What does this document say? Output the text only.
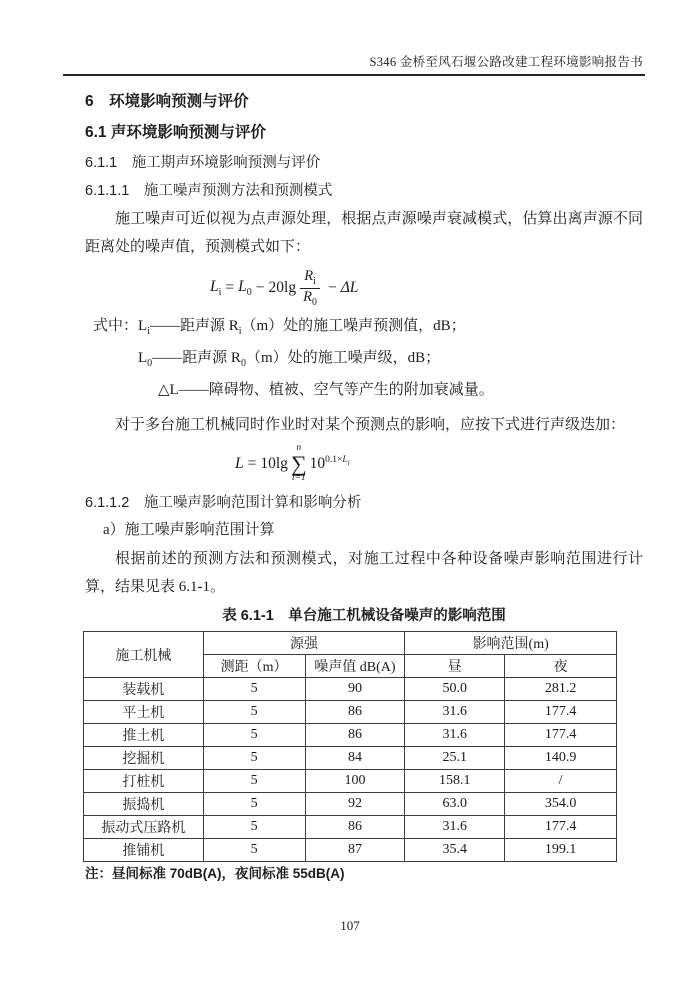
S346 金桥至风石堰公路改建工程环境影响报告书
6　环境影响预测与评价
6.1 声环境影响预测与评价
6.1.1　施工期声环境影响预测与评价
6.1.1.1　施工噪声预测方法和预测模式

施工噪声可近似视为点声源处理，根据点声源噪声衰减模式，估算出离声源不同距离处的噪声值，预测模式如下：

$L_i = L_0 - 20\lg \frac{R_i}{R_0} - \Delta L$
式中：$L_i——$距声源 $R_i(m)$处的施工噪声预测值，dB；
$L_0——$距声源 $R_0(m)$处的施工噪声级，dB；
△L——障碍物、植被、空气等产生的附加衰减量。

对于多台施工机械同时作业时对某个预测点的影响，应按下式进行声级迭加：

L = 10lg
n
∑
i=1
$10^{0.1\times L_i}$
6.1.1.2　施工噪声影响范围计算和影响分析
a）施工噪声影响范围计算

根据前述的预测方法和预测模式，对施工过程中各种设备噪声影响范围进行计算，结果见表 6.1-1。

表 6.1-1　单台施工机械设备噪声的影响范围
施工机械	源强		影响范围(m)	
	测距（m）	噪声值 dB(A)	昼	夜
装载机	5	90	50.0	281.2
平土机	5	86	31.6	177.4
推土机	5	86	31.6	177.4
挖掘机	5	84	25.1	140.9
打桩机	5	100	158.1	/
振捣机	5	92	63.0	354.0
振动式压路机	5	86	31.6	177.4
推铺机	5	87	35.4	199.1
注：昼间标准 70dB(A)，夜间标准 55dB(A)
107
